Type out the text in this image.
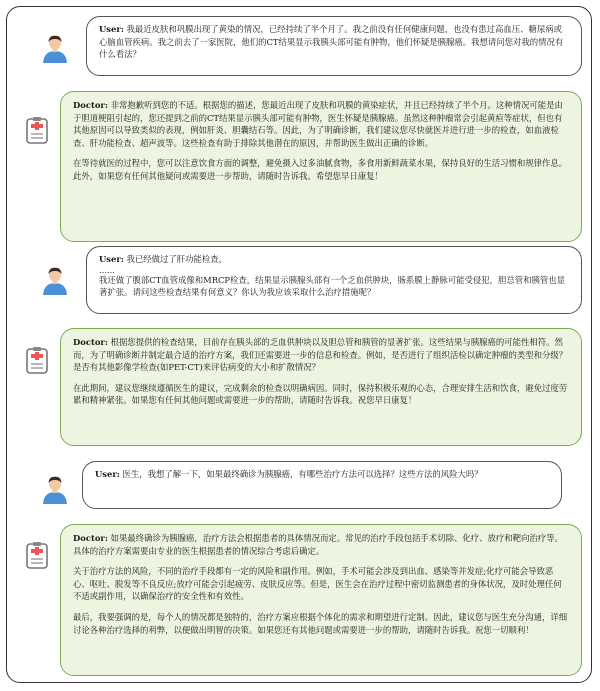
User: 我最近皮肤和巩膜出现了黄染的情况，已经持续了半个月了。我之前没有任何健康问题，也没有患过高血压、糖尿病或心脑血管疾病。我之前去了一家医院，他们的CT结果显示我胰头部可能有肿物，他们怀疑是胰腺癌。我想请问您对我的情况有什么看法？

Doctor: 非常抱歉听到您的不适。根据您的描述，您最近出现了皮肤和巩膜的黄染症状，并且已经持续了半个月。这种情况可能是由于胆道梗阻引起的，您还提到之前的CT结果显示胰头部可能有肿物，医生怀疑是胰腺癌。虽然这种肿瘤常会引起黄疸等症状，但也有其他原因可以导致类似的表现，例如肝炎、胆囊结石等。因此，为了明确诊断，我们建议您尽快就医并进行进一步的检查，如血液检查、肝功能检查、超声波等。这些检查有助于排除其他潜在的原因，并帮助医生做出正确的诊断。

在等待就医的过程中，您可以注意饮食方面的调整，避免摄入过多油腻食物，多食用新鲜蔬菜水果，保持良好的生活习惯和规律作息。此外，如果您有任何其他疑问或需要进一步帮助，请随时告诉我。希望您早日康复！

User: 我已经做过了肝功能检查，

......

我还做了腹部CT血管成像和MRCP检查，结果显示胰腺头部有一个乏血供肿块，肠系膜上静脉可能受侵犯，胆总管和胰管也显著扩张。请问这些检查结果有何意义？你认为我应该采取什么治疗措施呢？

Doctor: 根据您提供的检查结果，目前存在胰头部的乏血供肿块以及胆总管和胰管的显著扩张。这些结果与胰腺癌的可能性相符。然而，为了明确诊断并制定最合适的治疗方案，我们还需要进一步的信息和检查。例如，是否进行了组织活检以确定肿瘤的类型和分级？是否有其他影像学检查(如PET-CT)来评估病变的大小和扩散情况？

在此期间，建议您继续遵循医生的建议，完成剩余的检查以明确病因。同时，保持积极乐观的心态，合理安排生活和饮食，避免过度劳累和精神紧张。如果您有任何其他问题或需要进一步的帮助，请随时告诉我。祝您早日康复！

User: 医生，我想了解一下，如果最终确诊为胰腺癌，有哪些治疗方法可以选择？这些方法的风险大吗？

Doctor: 如果最终确诊为胰腺癌，治疗方法会根据患者的具体情况而定。常见的治疗手段包括手术切除、化疗、放疗和靶向治疗等。具体的治疗方案需要由专业的医生根据患者的情况综合考虑后确定。

关于治疗方法的风险，不同的治疗手段都有一定的风险和副作用。例如，手术可能会涉及到出血、感染等并发症;化疗可能会导致恶心、呕吐、脱发等不良反应;放疗可能会引起疲劳、皮肤反应等。但是，医生会在治疗过程中密切监测患者的身体状况，及时处理任何不适或副作用，以确保治疗的安全性和有效性。

最后，我要强调的是，每个人的情况都是独特的，治疗方案应根据个体化的需求和期望进行定制。因此，建议您与医生充分沟通，详细讨论各种治疗选择的利弊，以便做出明智的决策。如果您还有其他问题或需要进一步的帮助，请随时告诉我。祝您一切顺利！
